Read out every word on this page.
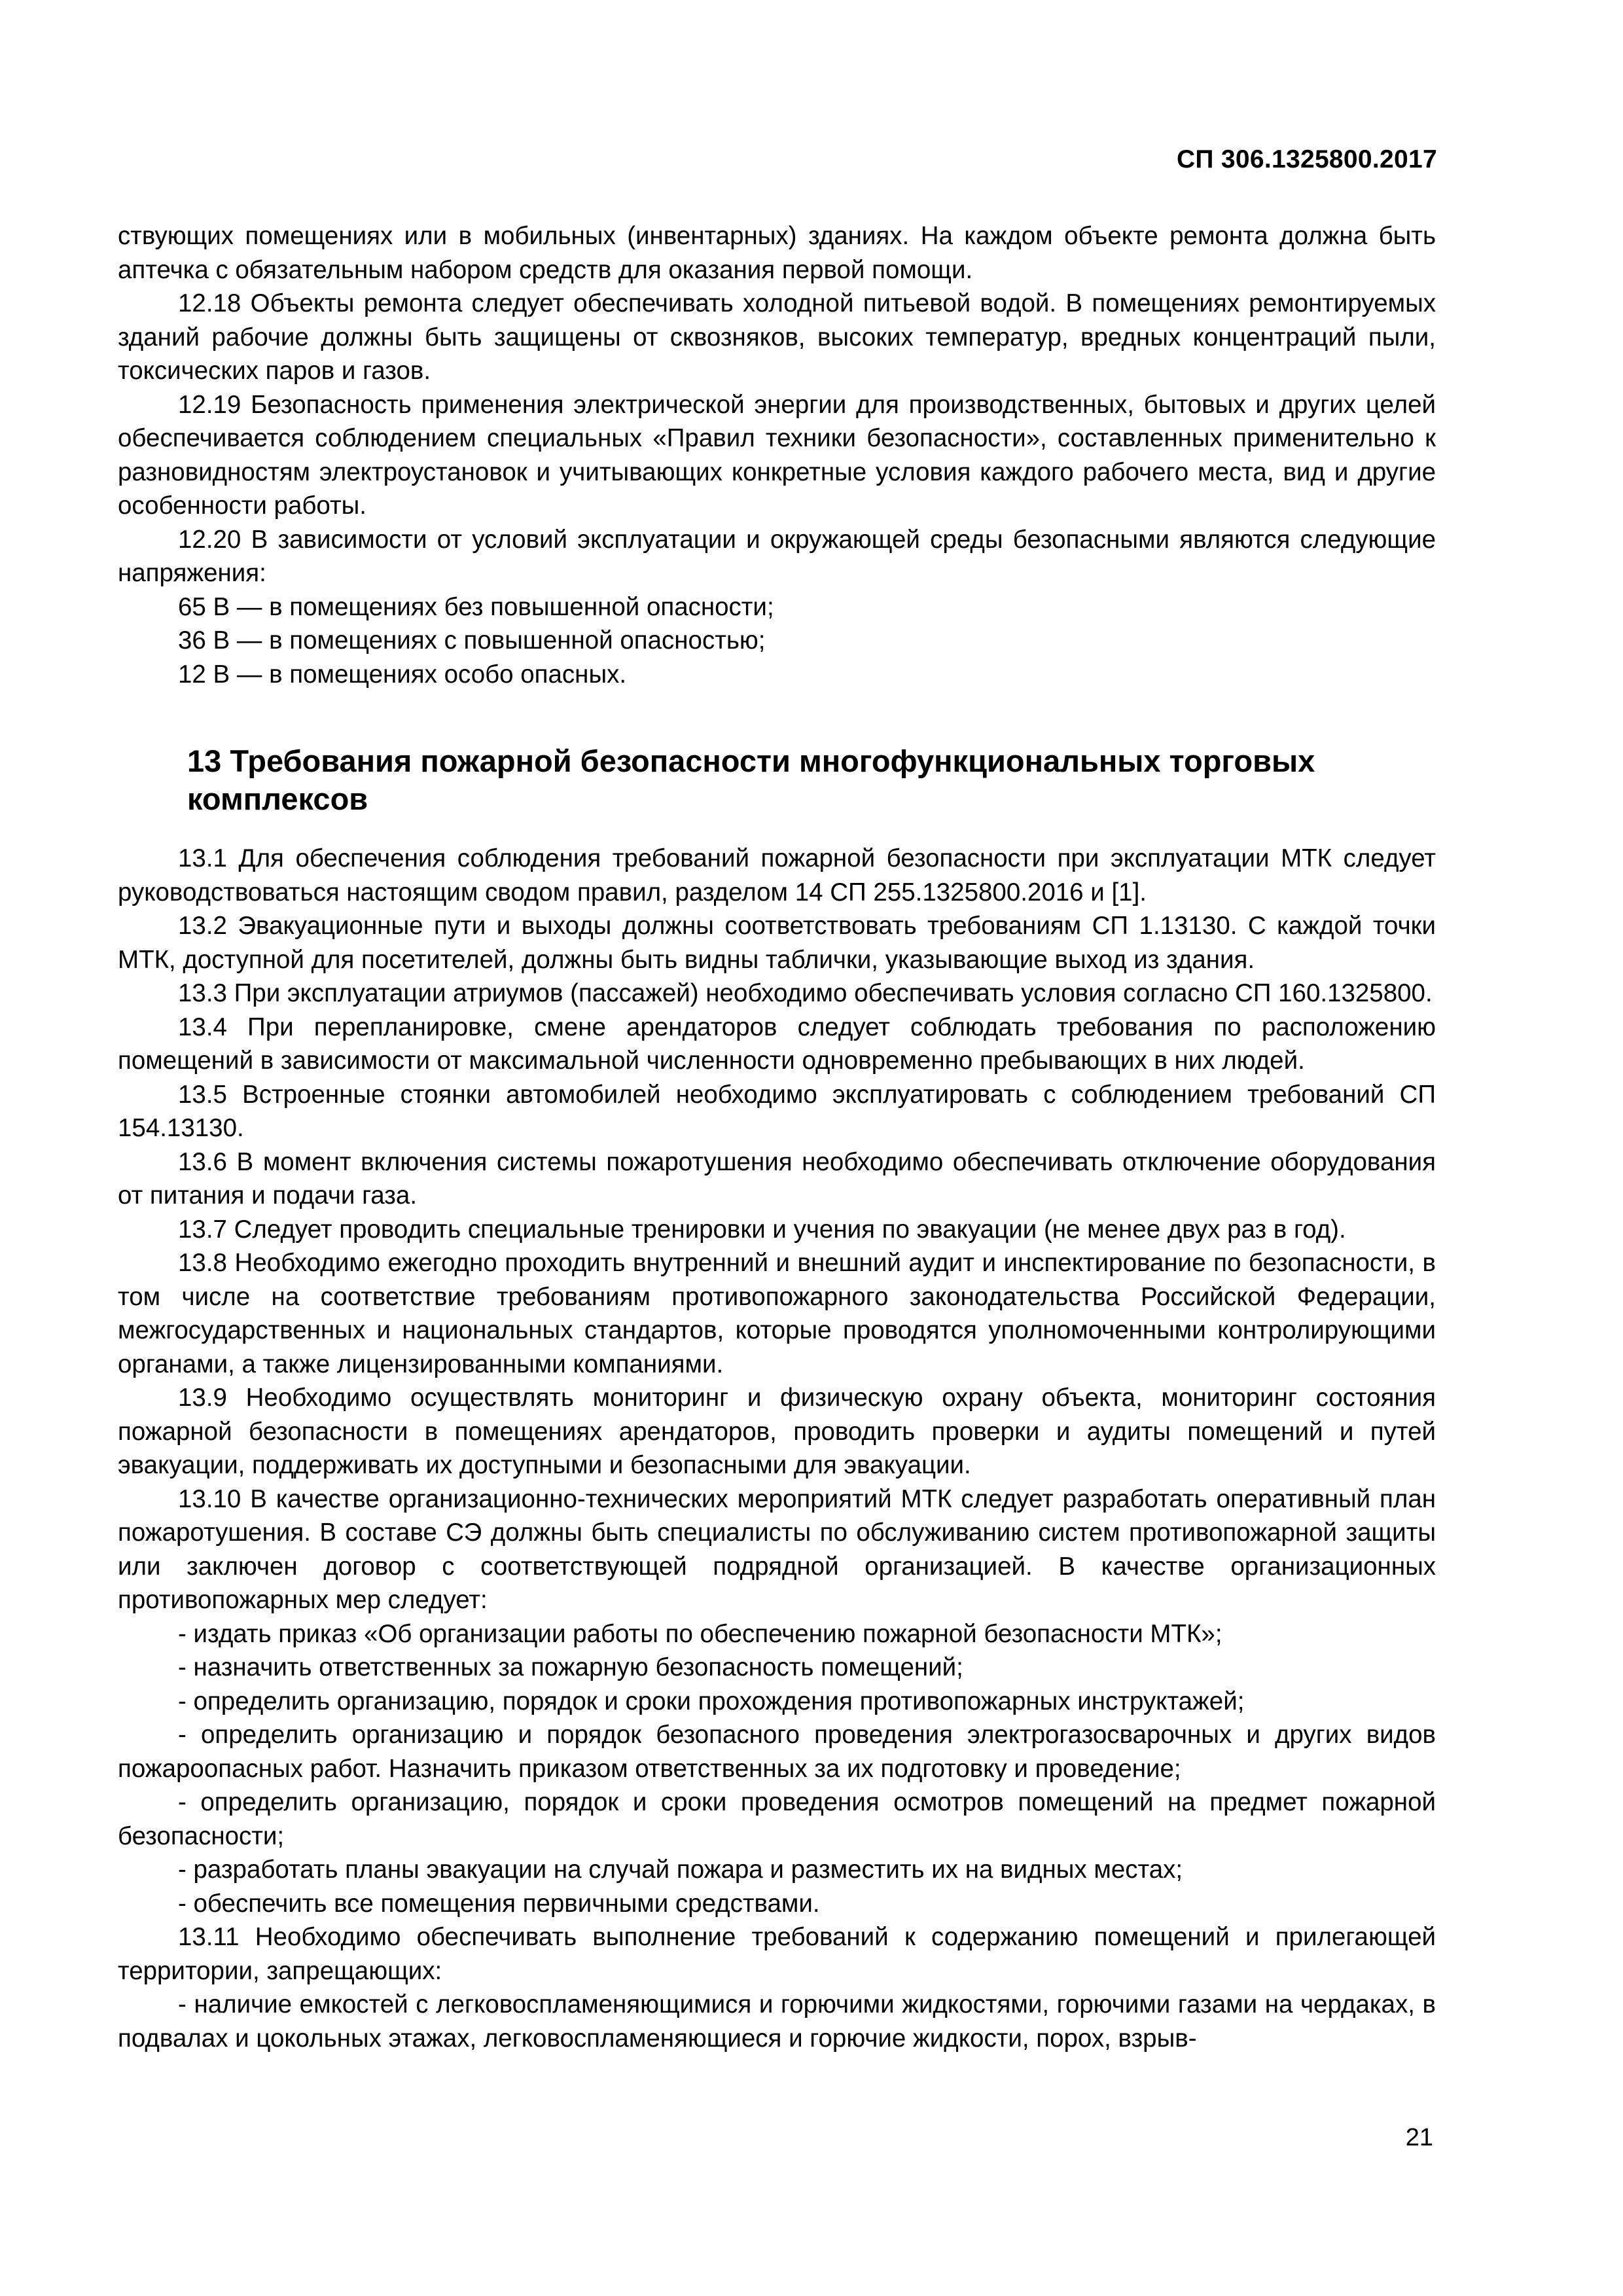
СП 306.1325800.2017

ствующих помещениях или в мобильных (инвентарных) зданиях. На каждом объекте ремонта должна быть аптечка с обязательным набором средств для оказания первой помощи.

12.18 Объекты ремонта следует обеспечивать холодной питьевой водой. В помещениях ремонтируемых зданий рабочие должны быть защищены от сквозняков, высоких температур, вредных концентраций пыли, токсических паров и газов.

12.19 Безопасность применения электрической энергии для производственных, бытовых и других целей обеспечивается соблюдением специальных «Правил техники безопасности», составленных применительно к разновидностям электроустановок и учитывающих конкретные условия каждого рабочего места, вид и другие особенности работы.

12.20 В зависимости от условий эксплуатации и окружающей среды безопасными являются следующие напряжения:

65 В — в помещениях без повышенной опасности;

36 В — в помещениях с повышенной опасностью;

12 В — в помещениях особо опасных.

13 Требования пожарной безопасности многофункциональных торговых комплексов

13.1 Для обеспечения соблюдения требований пожарной безопасности при эксплуатации МТК следует руководствоваться настоящим сводом правил, разделом 14 СП 255.1325800.2016 и [1].

13.2 Эвакуационные пути и выходы должны соответствовать требованиям СП 1.13130. С каждой точки МТК, доступной для посетителей, должны быть видны таблички, указывающие выход из здания.

13.3 При эксплуатации атриумов (пассажей) необходимо обеспечивать условия согласно СП 160.1325800.

13.4 При перепланировке, смене арендаторов следует соблюдать требования по расположению помещений в зависимости от максимальной численности одновременно пребывающих в них людей.

13.5 Встроенные стоянки автомобилей необходимо эксплуатировать с соблюдением требований СП 154.13130.

13.6 В момент включения системы пожаротушения необходимо обеспечивать отключение оборудования от питания и подачи газа.

13.7 Следует проводить специальные тренировки и учения по эвакуации (не менее двух раз в год).

13.8 Необходимо ежегодно проходить внутренний и внешний аудит и инспектирование по безопасности, в том числе на соответствие требованиям противопожарного законодательства Российской Федерации, межгосударственных и национальных стандартов, которые проводятся уполномоченными контролирующими органами, а также лицензированными компаниями.

13.9 Необходимо осуществлять мониторинг и физическую охрану объекта, мониторинг состояния пожарной безопасности в помещениях арендаторов, проводить проверки и аудиты помещений и путей эвакуации, поддерживать их доступными и безопасными для эвакуации.

13.10 В качестве организационно-технических мероприятий МТК следует разработать оперативный план пожаротушения. В составе СЭ должны быть специалисты по обслуживанию систем противопожарной защиты или заключен договор с соответствующей подрядной организацией. В качестве организационных противопожарных мер следует:

- издать приказ «Об организации работы по обеспечению пожарной безопасности МТК»;

- назначить ответственных за пожарную безопасность помещений;

- определить организацию, порядок и сроки прохождения противопожарных инструктажей;

- определить организацию и порядок безопасного проведения электрогазосварочных и других видов пожароопасных работ. Назначить приказом ответственных за их подготовку и проведение;

- определить организацию, порядок и сроки проведения осмотров помещений на предмет пожарной безопасности;

- разработать планы эвакуации на случай пожара и разместить их на видных местах;

- обеспечить все помещения первичными средствами.

13.11 Необходимо обеспечивать выполнение требований к содержанию помещений и прилегающей территории, запрещающих:

- наличие емкостей с легковоспламеняющимися и горючими жидкостями, горючими газами на чердаках, в подвалах и цокольных этажах, легковоспламеняющиеся и горючие жидкости, порох, взрыв-

21
